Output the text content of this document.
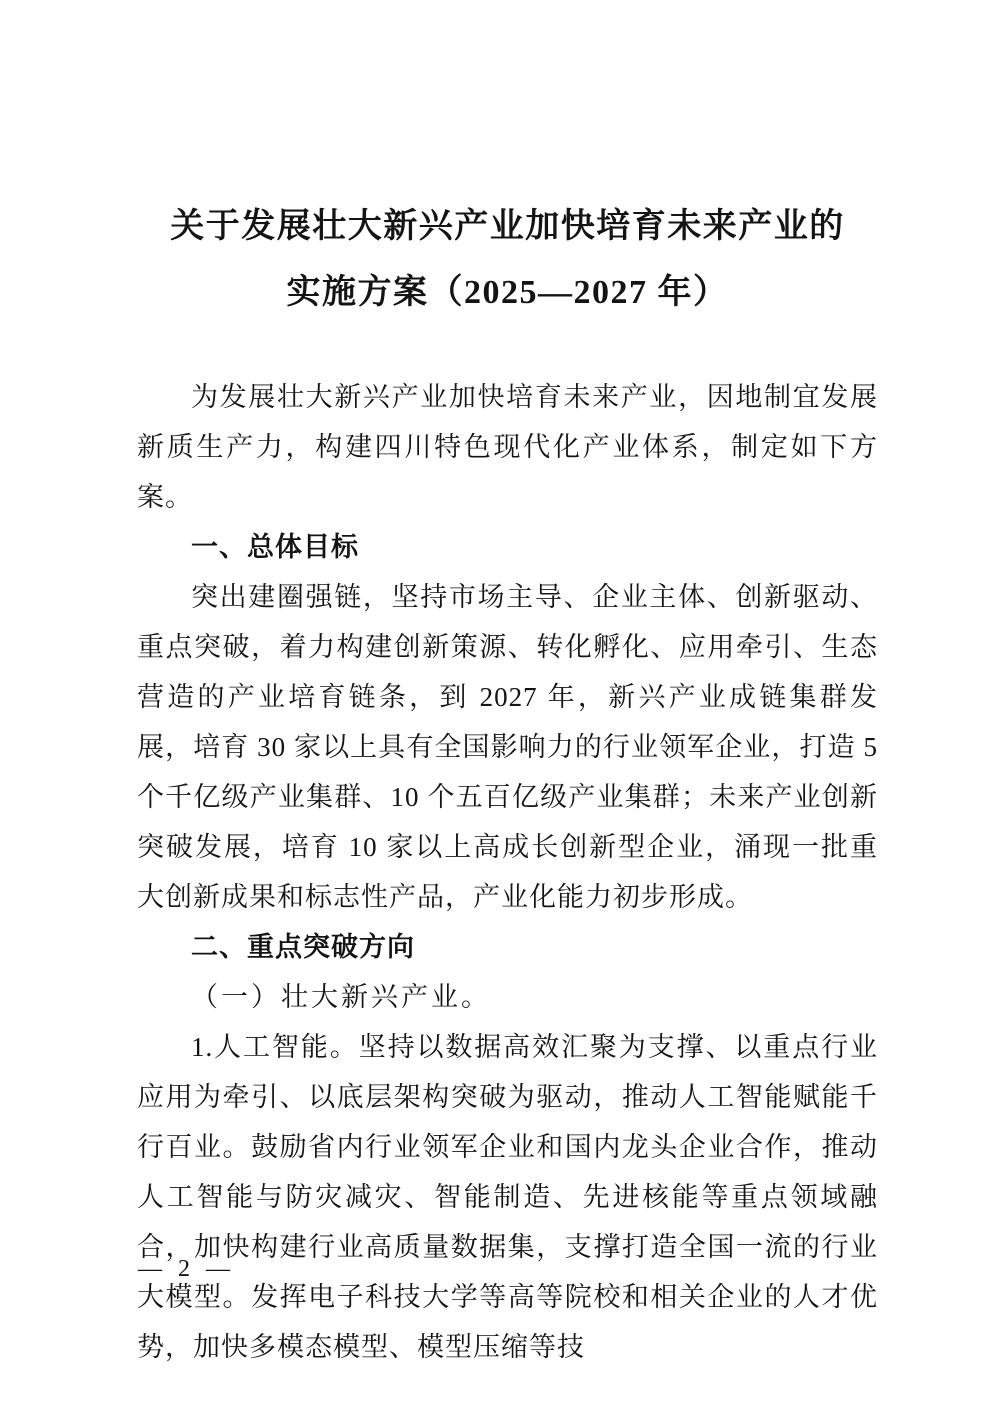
关于发展壮大新兴产业加快培育未来产业的
实施方案（2025—2027 年）

为发展壮大新兴产业加快培育未来产业，因地制宜发展新质生产力，构建四川特色现代化产业体系，制定如下方案。

一、总体目标

突出建圈强链，坚持市场主导、企业主体、创新驱动、重点突破，着力构建创新策源、转化孵化、应用牵引、生态营造的产业培育链条，到 2027 年，新兴产业成链集群发展，培育 30 家以上具有全国影响力的行业领军企业，打造 5 个千亿级产业集群、10 个五百亿级产业集群；未来产业创新突破发展，培育 10 家以上高成长创新型企业，涌现一批重大创新成果和标志性产品，产业化能力初步形成。

二、重点突破方向

（一）壮大新兴产业。

1.人工智能。坚持以数据高效汇聚为支撑、以重点行业应用为牵引、以底层架构突破为驱动，推动人工智能赋能千行百业。鼓励省内行业领军企业和国内龙头企业合作，推动人工智能与防灾减灾、智能制造、先进核能等重点领域融合，加快构建行业高质量数据集，支撑打造全国一流的行业大模型。发挥电子科技大学等高等院校和相关企业的人才优势，加快多模态模型、模型压缩等技

— 2 —
